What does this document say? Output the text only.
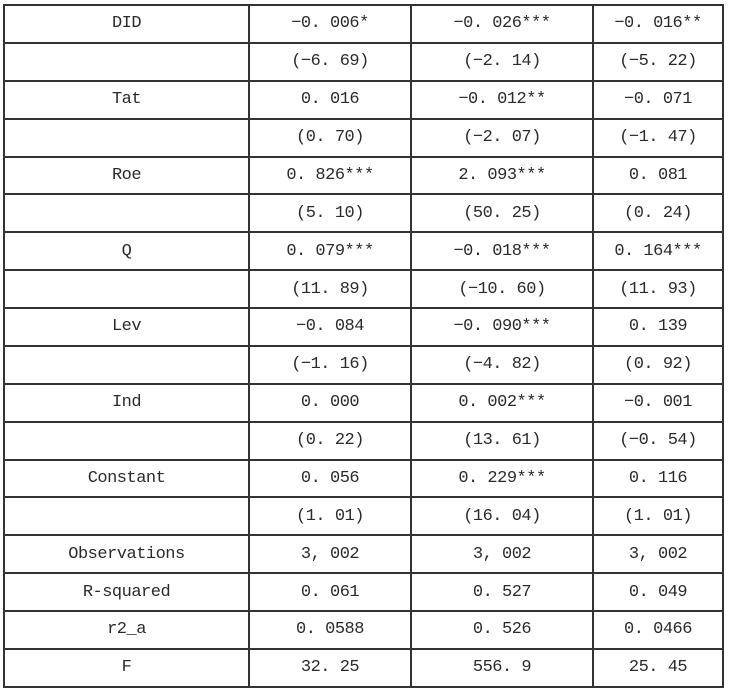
DID	−0. 006*	−0. 026***	−0. 016**
	(−6. 69)	(−2. 14)	(−5. 22)
Tat	0. 016	−0. 012**	−0. 071
	(0. 70)	(−2. 07)	(−1. 47)
Roe	0. 826***	2. 093***	0. 081
	(5. 10)	(50. 25)	(0. 24)
Q	0. 079***	−0. 018***	0. 164***
	(11. 89)	(−10. 60)	(11. 93)
Lev	−0. 084	−0. 090***	0. 139
	(−1. 16)	(−4. 82)	(0. 92)
Ind	0. 000	0. 002***	−0. 001
	(0. 22)	(13. 61)	(−0. 54)
Constant	0. 056	0. 229***	0. 116
	(1. 01)	(16. 04)	(1. 01)
Observations	3, 002	3, 002	3, 002
R-squared	0. 061	0. 527	0. 049
r2_a	0. 0588	0. 526	0. 0466
F	32. 25	556. 9	25. 45
